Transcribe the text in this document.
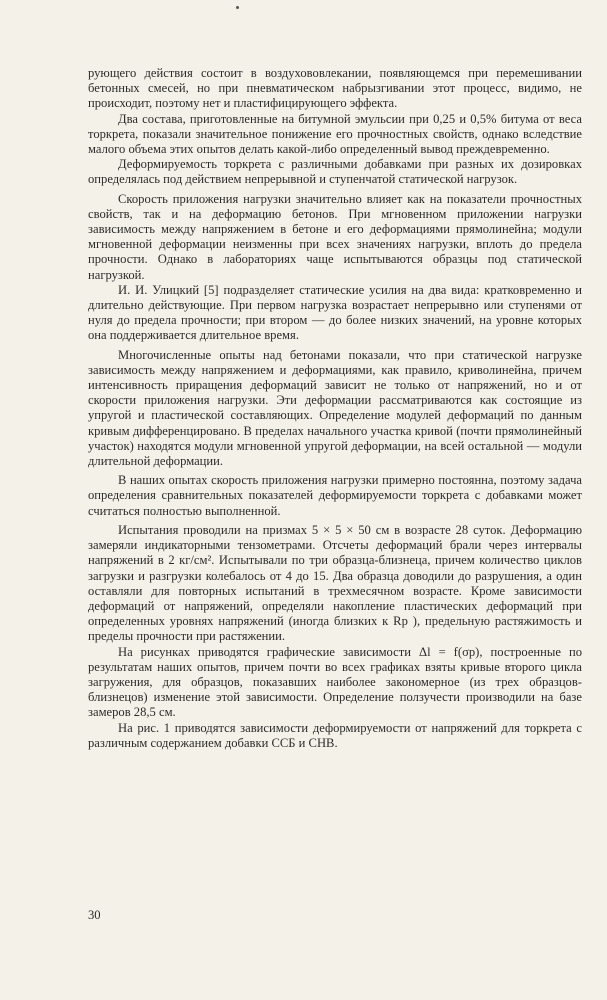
рующего действия состоит в воздухововлекании, появляющемся при перемешивании бетонных смесей, но при пневматическом набрызгивании этот процесс, видимо, не происходит, поэтому нет и пластифицирующего эффекта.

Два состава, приготовленные на битумной эмульсии при 0,25 и 0,5% битума от веса торкрета, показали значительное понижение его прочностных свойств, однако вследствие малого объема этих опытов делать какой-либо определенный вывод преждевременно.

Деформируемость торкрета с различными добавками при разных их дозировках определялась под действием непрерывной и ступенчатой статической нагрузок.

Скорость приложения нагрузки значительно влияет как на показатели прочностных свойств, так и на деформацию бетонов. При мгновенном приложении нагрузки зависимость между напряжением в бетоне и его деформациями прямолинейна; модули мгновенной деформации неизменны при всех значениях нагрузки, вплоть до предела прочности. Однако в лабораториях чаще испытываются образцы под статической нагрузкой.

И. И. Улицкий [5] подразделяет статические усилия на два вида: кратковременно и длительно действующие. При первом нагрузка возрастает непрерывно или ступенями от нуля до предела прочности; при втором — до более низких значений, на уровне которых она поддерживается длительное время.

Многочисленные опыты над бетонами показали, что при статической нагрузке зависимость между напряжением и деформациями, как правило, криволинейна, причем интенсивность приращения деформаций зависит не только от напряжений, но и от скорости приложения нагрузки. Эти деформации рассматриваются как состоящие из упругой и пластической составляющих. Определение модулей деформаций по данным кривым дифференцировано. В пределах начального участка кривой (почти прямолинейный участок) находятся модули мгновенной упругой деформации, на всей остальной — модули длительной деформации.

В наших опытах скорость приложения нагрузки примерно постоянна, поэтому задача определения сравнительных показателей деформируемости торкрета с добавками может считаться полностью выполненной.

Испытания проводили на призмах 5 × 5 × 50 см в возрасте 28 суток. Деформацию замеряли индикаторными тензометрами. Отсчеты деформаций брали через интервалы напряжений в 2 кг/см². Испытывали по три образца-близнеца, причем количество циклов загрузки и разгрузки колебалось от 4 до 15. Два образца доводили до разрушения, а один оставляли для повторных испытаний в трехмесячном возрасте. Кроме зависимости деформаций от напряжений, определяли накопление пластических деформаций при определенных уровнях напряжений (иногда близких к Rр ), предельную растяжимость и пределы прочности при растяжении.

На рисунках приводятся графические зависимости Δl = f(σр), построенные по результатам наших опытов, причем почти во всех графиках взяты кривые второго цикла загружения, для образцов, показавших наиболее закономерное (из трех образцов-близнецов) изменение этой зависимости. Определение ползучести производили на базе замеров 28,5 см.

На рис. 1 приводятся зависимости деформируемости от напряжений для торкрета с различным содержанием добавки ССБ и СНВ.

30
